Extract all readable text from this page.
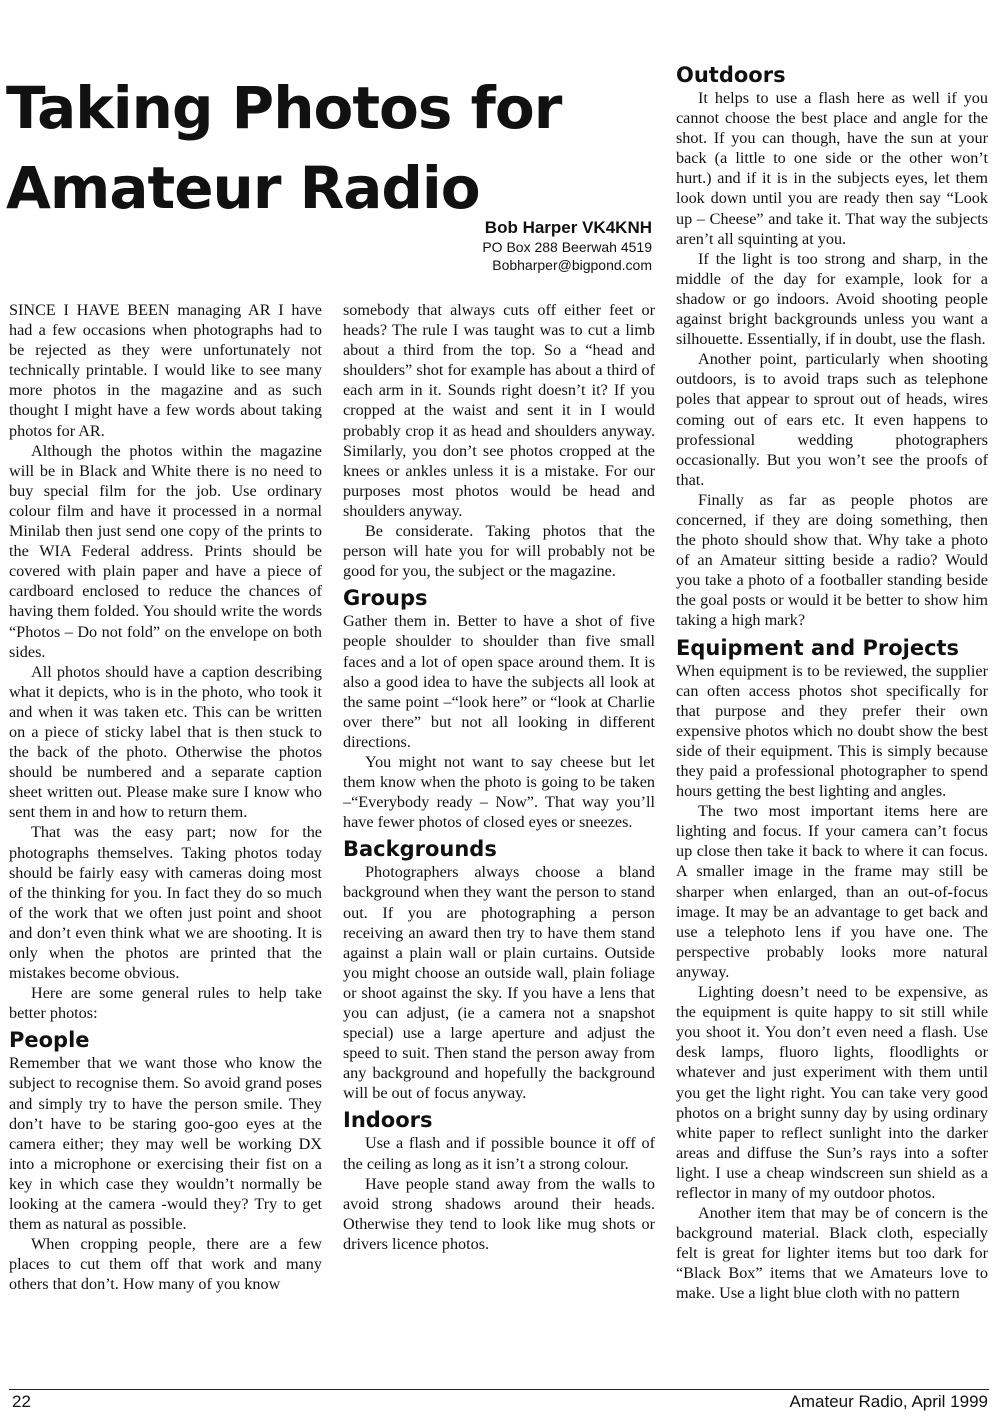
Taking Photos for Amateur Radio
Bob Harper VK4KNH
PO Box 288 Beerwah 4519
Bobharper@bigpond.com

SINCE I HAVE BEEN managing AR I have had a few occasions when photographs had to be rejected as they were unfortunately not technically printable. I would like to see many more photos in the magazine and as such thought I might have a few words about taking photos for AR.

Although the photos within the magazine will be in Black and White there is no need to buy special film for the job. Use ordinary colour film and have it processed in a normal Minilab then just send one copy of the prints to the WIA Federal address. Prints should be covered with plain paper and have a piece of cardboard enclosed to reduce the chances of having them folded. You should write the words “Photos – Do not fold” on the envelope on both sides.

All photos should have a caption describing what it depicts, who is in the photo, who took it and when it was taken etc. This can be written on a piece of sticky label that is then stuck to the back of the photo. Otherwise the photos should be numbered and a separate caption sheet written out. Please make sure I know who sent them in and how to return them.

That was the easy part; now for the photographs themselves. Taking photos today should be fairly easy with cameras doing most of the thinking for you. In fact they do so much of the work that we often just point and shoot and don’t even think what we are shooting. It is only when the photos are printed that the mistakes become obvious.

Here are some general rules to help take better photos:

People

Remember that we want those who know the subject to recognise them. So avoid grand poses and simply try to have the person smile. They don’t have to be staring goo-goo eyes at the camera either; they may well be working DX into a microphone or exercising their fist on a key in which case they wouldn’t normally be looking at the camera -would they? Try to get them as natural as possible.

When cropping people, there are a few places to cut them off that work and many others that don’t. How many of you know

somebody that always cuts off either feet or heads? The rule I was taught was to cut a limb about a third from the top. So a “head and shoulders” shot for example has about a third of each arm in it. Sounds right doesn’t it? If you cropped at the waist and sent it in I would probably crop it as head and shoulders anyway. Similarly, you don’t see photos cropped at the knees or ankles unless it is a mistake. For our purposes most photos would be head and shoulders anyway.

Be considerate. Taking photos that the person will hate you for will probably not be good for you, the subject or the magazine.

Groups

Gather them in. Better to have a shot of five people shoulder to shoulder than five small faces and a lot of open space around them. It is also a good idea to have the subjects all look at the same point –“look here” or “look at Charlie over there” but not all looking in different directions.

You might not want to say cheese but let them know when the photo is going to be taken –“Everybody ready – Now”. That way you’ll have fewer photos of closed eyes or sneezes.

Backgrounds

Photographers always choose a bland background when they want the person to stand out. If you are photographing a person receiving an award then try to have them stand against a plain wall or plain curtains. Outside you might choose an outside wall, plain foliage or shoot against the sky. If you have a lens that you can adjust, (ie a camera not a snapshot special) use a large aperture and adjust the speed to suit. Then stand the person away from any background and hopefully the background will be out of focus anyway.

Indoors

Use a flash and if possible bounce it off of the ceiling as long as it isn’t a strong colour.

Have people stand away from the walls to avoid strong shadows around their heads. Otherwise they tend to look like mug shots or drivers licence photos.

Outdoors

It helps to use a flash here as well if you cannot choose the best place and angle for the shot. If you can though, have the sun at your back (a little to one side or the other won’t hurt.) and if it is in the subjects eyes, let them look down until you are ready then say “Look up – Cheese” and take it. That way the subjects aren’t all squinting at you.

If the light is too strong and sharp, in the middle of the day for example, look for a shadow or go indoors. Avoid shooting people against bright backgrounds unless you want a silhouette. Essentially, if in doubt, use the flash.

Another point, particularly when shooting outdoors, is to avoid traps such as telephone poles that appear to sprout out of heads, wires coming out of ears etc. It even happens to professional wedding photographers occasionally. But you won’t see the proofs of that.

Finally as far as people photos are concerned, if they are doing something, then the photo should show that. Why take a photo of an Amateur sitting beside a radio? Would you take a photo of a footballer standing beside the goal posts or would it be better to show him taking a high mark?

Equipment and Projects

When equipment is to be reviewed, the supplier can often access photos shot specifically for that purpose and they prefer their own expensive photos which no doubt show the best side of their equipment. This is simply because they paid a professional photographer to spend hours getting the best lighting and angles.

The two most important items here are lighting and focus. If your camera can’t focus up close then take it back to where it can focus. A smaller image in the frame may still be sharper when enlarged, than an out-of-focus image. It may be an advantage to get back and use a telephoto lens if you have one. The perspective probably looks more natural anyway.

Lighting doesn’t need to be expensive, as the equipment is quite happy to sit still while you shoot it. You don’t even need a flash. Use desk lamps, fluoro lights, floodlights or whatever and just experiment with them until you get the light right. You can take very good photos on a bright sunny day by using ordinary white paper to reflect sunlight into the darker areas and diffuse the Sun’s rays into a softer light. I use a cheap windscreen sun shield as a reflector in many of my outdoor photos.

Another item that may be of concern is the background material. Black cloth, especially felt is great for lighter items but too dark for “Black Box” items that we Amateurs love to make. Use a light blue cloth with no pattern

22	Amateur Radio, April 1999
